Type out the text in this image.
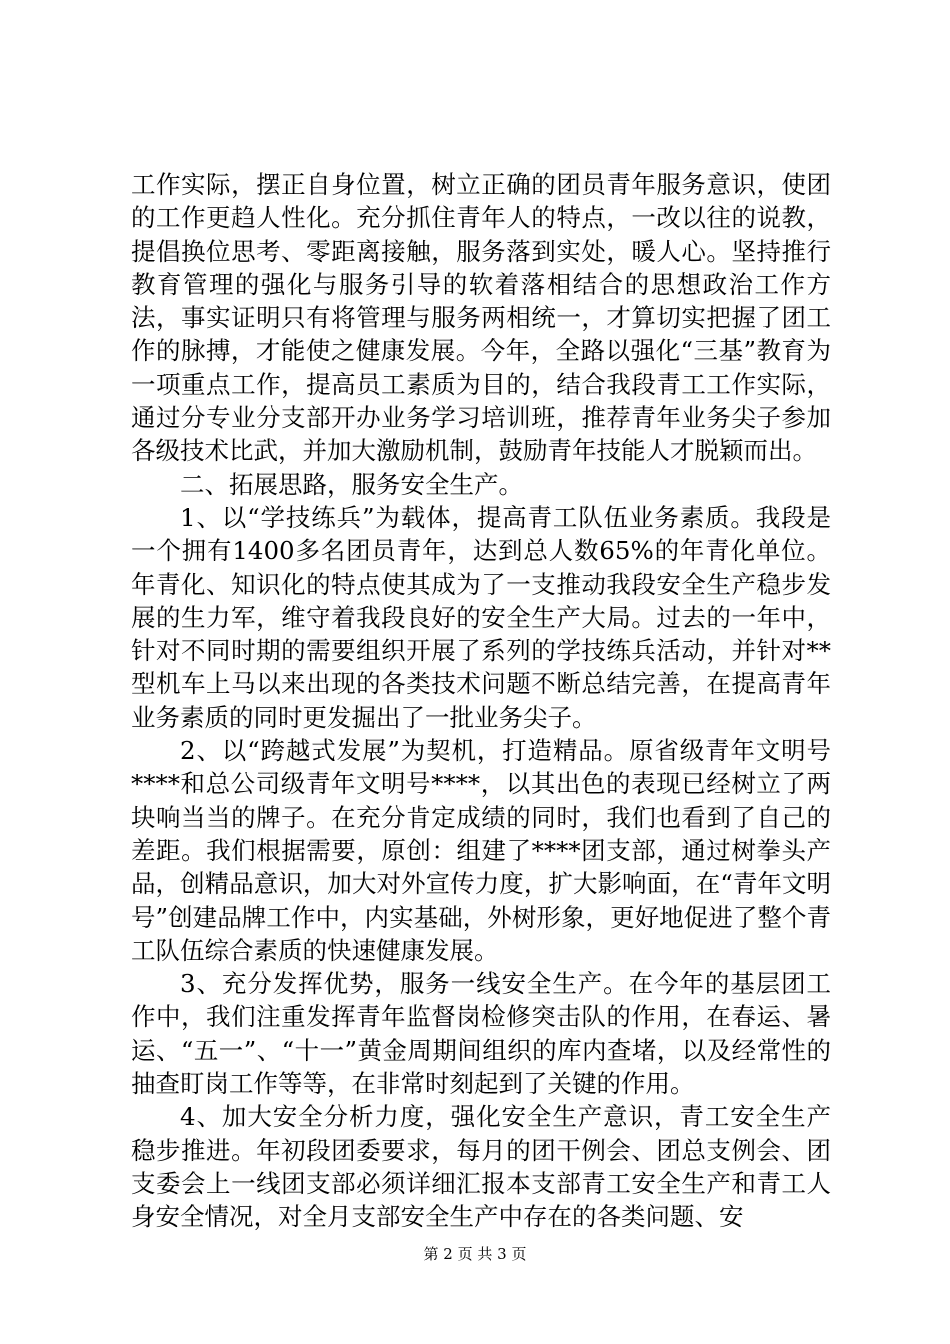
工作实际，摆正自身位置，树立正确的团员青年服务意识，使团的工作更趋人性化。充分抓住青年人的特点，一改以往的说教，提倡换位思考、零距离接触，服务落到实处，暖人心。坚持推行教育管理的强化与服务引导的软着落相结合的思想政治工作方法，事实证明只有将管理与服务两相统一，才算切实把握了团工作的脉搏，才能使之健康发展。今年，全路以强化“三基”教育为一项重点工作，提高员工素质为目的，结合我段青工工作实际，通过分专业分支部开办业务学习培训班，推荐青年业务尖子参加各级技术比武，并加大激励机制，鼓励青年技能人才脱颖而出。

二、拓展思路，服务安全生产。

1、以“学技练兵”为载体，提高青工队伍业务素质。我段是一个拥有1400多名团员青年，达到总人数65%的年青化单位。年青化、知识化的特点使其成为了一支推动我段安全生产稳步发展的生力军，维守着我段良好的安全生产大局。过去的一年中，针对不同时期的需要组织开展了系列的学技练兵活动，并针对**型机车上马以来出现的各类技术问题不断总结完善，在提高青年业务素质的同时更发掘出了一批业务尖子。

2、以“跨越式发展”为契机，打造精品。原省级青年文明号****和总公司级青年文明号****，以其出色的表现已经树立了两块响当当的牌子。在充分肯定成绩的同时，我们也看到了自己的差距。我们根据需要，原创：组建了****团支部，通过树拳头产品，创精品意识，加大对外宣传力度，扩大影响面，在“青年文明号”创建品牌工作中，内实基础，外树形象，更好地促进了整个青工队伍综合素质的快速健康发展。

3、充分发挥优势，服务一线安全生产。在今年的基层团工作中，我们注重发挥青年监督岗检修突击队的作用，在春运、暑运、“五一”、“十一”黄金周期间组织的库内查堵，以及经常性的抽查盯岗工作等等，在非常时刻起到了关键的作用。

4、加大安全分析力度，强化安全生产意识，青工安全生产稳步推进。年初段团委要求，每月的团干例会、团总支例会、团支委会上一线团支部必须详细汇报本支部青工安全生产和青工人身安全情况，对全月支部安全生产中存在的各类问题、安

第 2 页 共 3 页
